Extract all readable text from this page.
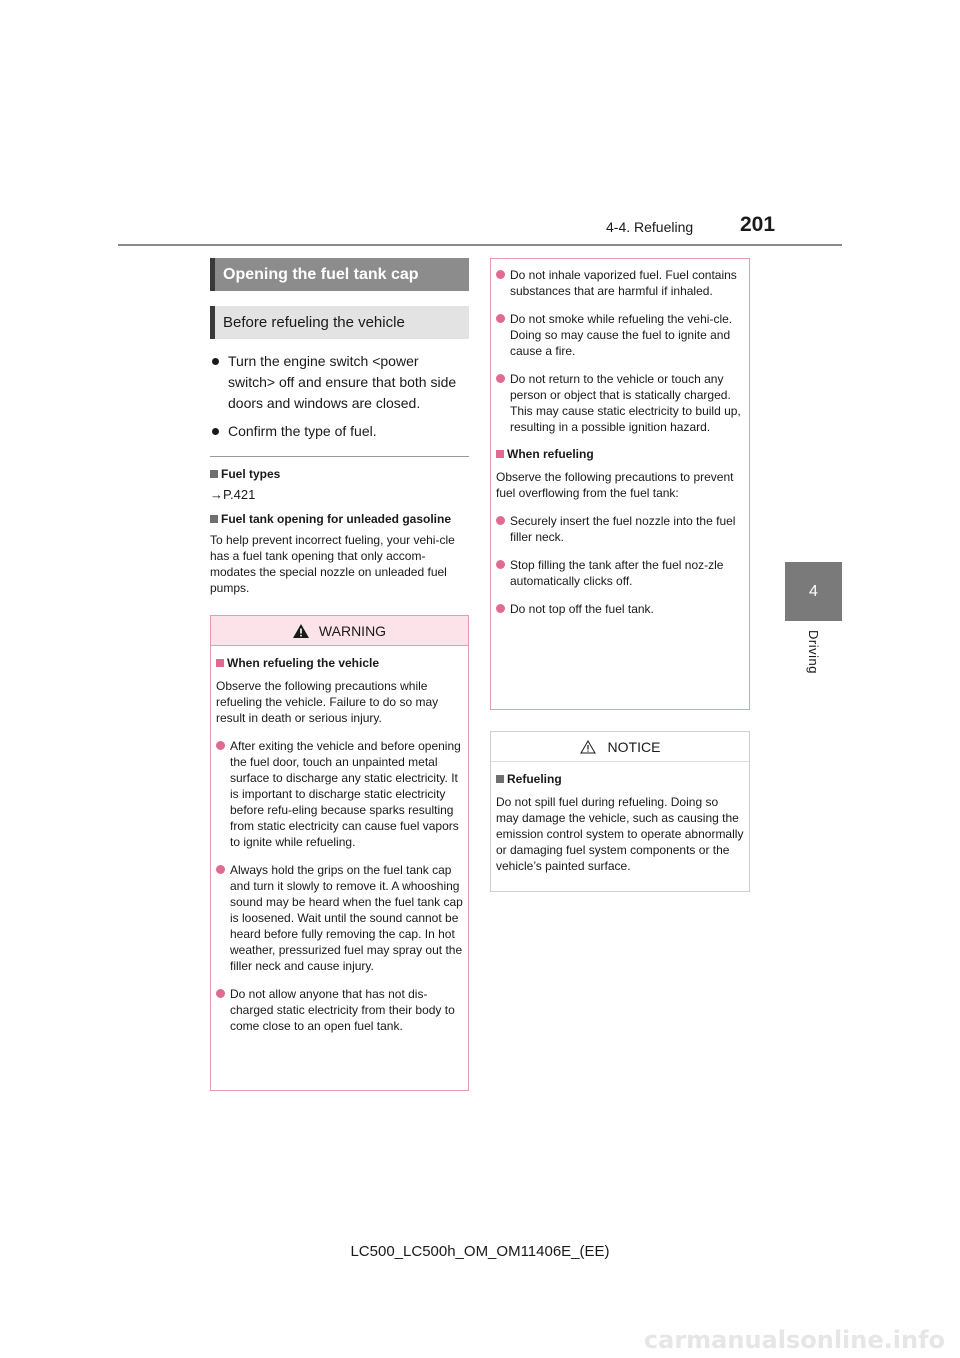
4-4. Refueling 201
4
Driving
Opening the fuel tank cap
Before refueling the vehicle
Turn the engine switch <power switch> off and ensure that both side doors and windows are closed.
Confirm the type of fuel.
Fuel types
→P.421
Fuel tank opening for unleaded gasoline
To help prevent incorrect fueling, your vehi-cle has a fuel tank opening that only accom-modates the special nozzle on unleaded fuel pumps.
WARNING
When refueling the vehicle
Observe the following precautions while refueling the vehicle. Failure to do so may result in death or serious injury.
After exiting the vehicle and before opening the fuel door, touch an unpainted metal surface to discharge any static electricity. It is important to discharge static electricity before refu-eling because sparks resulting from static electricity can cause fuel vapors to ignite while refueling.
Always hold the grips on the fuel tank cap and turn it slowly to remove it. A whooshing sound may be heard when the fuel tank cap is loosened. Wait until the sound cannot be heard before fully removing the cap. In hot weather, pressurized fuel may spray out the filler neck and cause injury.
Do not allow anyone that has not dis-charged static electricity from their body to come close to an open fuel tank.
Do not inhale vaporized fuel. Fuel contains substances that are harmful if inhaled.
Do not smoke while refueling the vehi-cle. Doing so may cause the fuel to ignite and cause a fire.
Do not return to the vehicle or touch any person or object that is statically charged. This may cause static electricity to build up, resulting in a possible ignition hazard.
When refueling
Observe the following precautions to prevent fuel overflowing from the fuel tank:
Securely insert the fuel nozzle into the fuel filler neck.
Stop filling the tank after the fuel noz-zle automatically clicks off.
Do not top off the fuel tank.
NOTICE
Refueling
Do not spill fuel during refueling. Doing so may damage the vehicle, such as causing the emission control system to operate abnormally or damaging fuel system components or the vehicle’s painted surface.
LC500_LC500h_OM_OM11406E_(EE)
carmanualsonline.info
